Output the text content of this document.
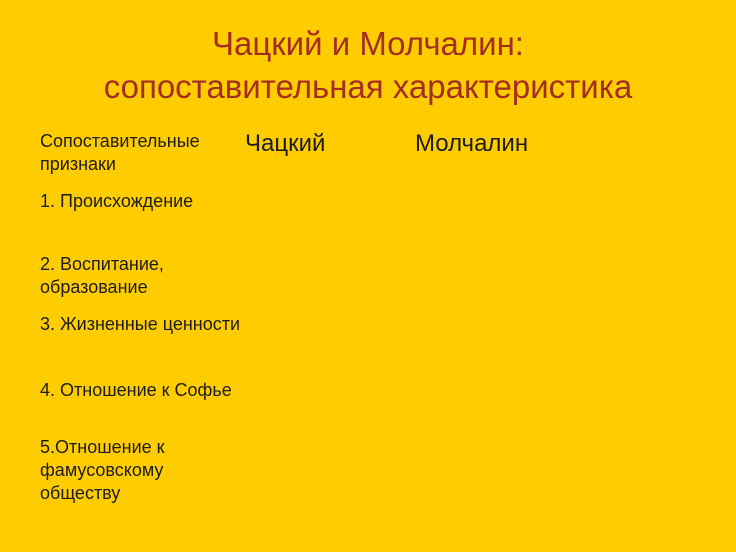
Чацкий и Молчалин:
сопоставительная характеристика
Сопоставительные признаки	Чацкий	Молчалин
1. Происхождение		
2. Воспитание, образование		
3. Жизненные ценности		
4. Отношение к Софье		
5.Отношение к фамусовскому обществу		
